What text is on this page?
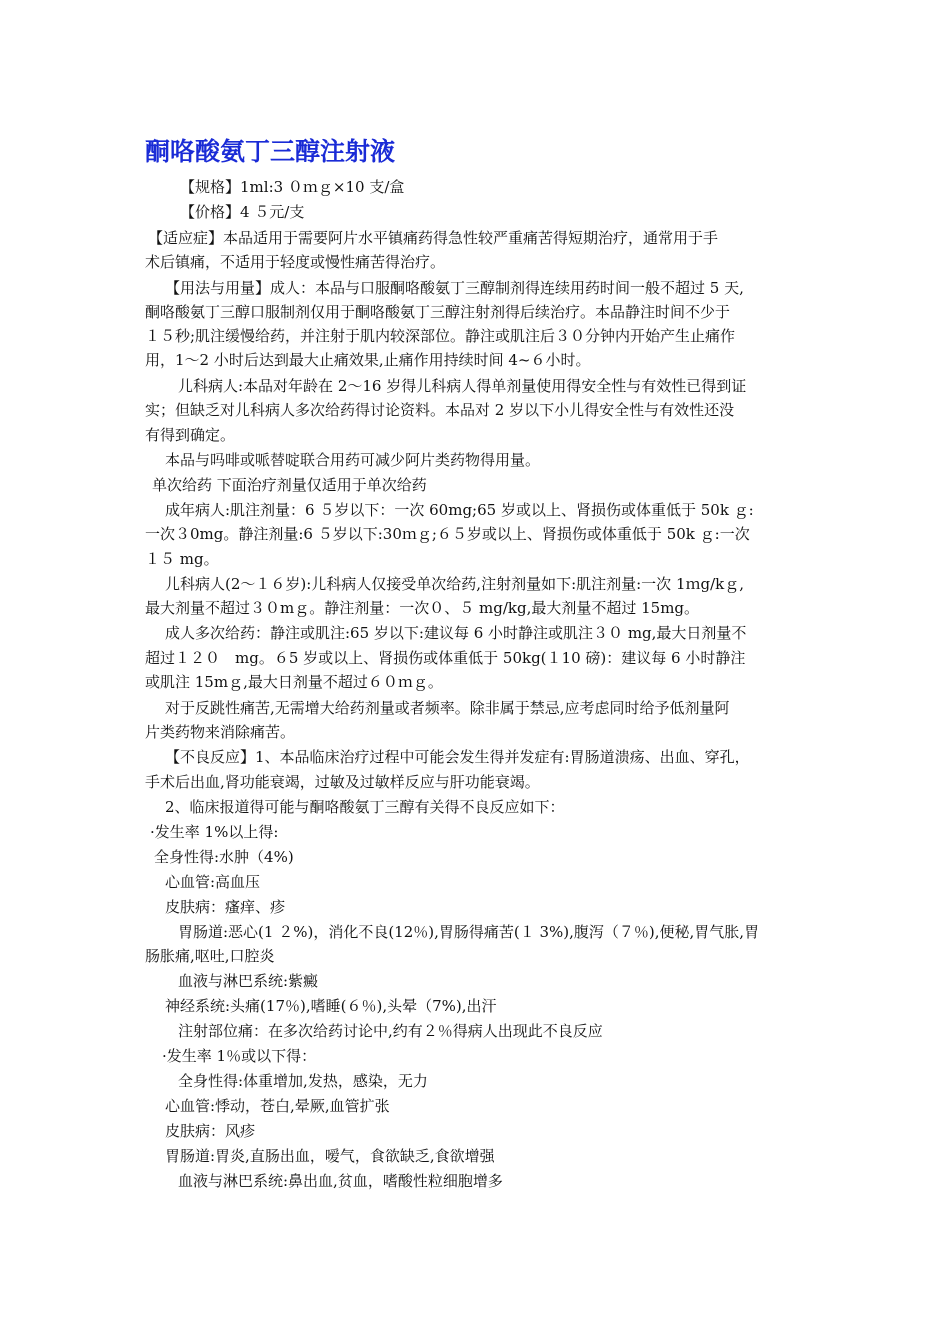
酮咯酸氨丁三醇注射液

【规格】1ml:3 ０ｍｇ×10 支/盒

【价格】4 ５元/支

【适应症】本品适用于需要阿片水平镇痛药得急性较严重痛苦得短期治疗，通常用于手

术后镇痛，不适用于轻度或慢性痛苦得治疗。

【用法与用量】成人：本品与口服酮咯酸氨丁三醇制剂得连续用药时间一般不超过 5 天,

酮咯酸氨丁三醇口服制剂仅用于酮咯酸氨丁三醇注射剂得后续治疗。本品静注时间不少于

１５秒;肌注缓慢给药，并注射于肌内较深部位。静注或肌注后３０分钟内开始产生止痛作

用，1～2 小时后达到最大止痛效果,止痛作用持续时间 4~６小时。

儿科病人:本品对年龄在 2～16 岁得儿科病人得单剂量使用得安全性与有效性已得到证

实；但缺乏对儿科病人多次给药得讨论资料。本品对 2 岁以下小儿得安全性与有效性还没

有得到确定。

本品与吗啡或哌替啶联合用药可减少阿片类药物得用量。

单次给药 下面治疗剂量仅适用于单次给药

成年病人:肌注剂量：6 ５岁以下：一次 60mg;65 岁或以上、肾损伤或体重低于 50k ｇ:

一次３0mg。静注剂量:6 ５岁以下:30ｍｇ;６５岁或以上、肾损伤或体重低于 50k ｇ:一次

１５ mg。

儿科病人(2～１６岁):儿科病人仅接受单次给药,注射剂量如下:肌注剂量:一次 1ｍg/kｇ,

最大剂量不超过３０mｇ。静注剂量：一次０、５ mg/kg,最大剂量不超过 15mg。

成人多次给药：静注或肌注:65 岁以下:建议每 6 小时静注或肌注３０ mg,最大日剂量不

超过１２０　mg。６5 岁或以上、肾损伤或体重低于 50kg(１10 磅)：建议每 6 小时静注

或肌注 15mｇ,最大日剂量不超过６０ｍｇ。

对于反跳性痛苦,无需增大给药剂量或者频率。除非属于禁忌,应考虑同时给予低剂量阿

片类药物来消除痛苦。

【不良反应】1、本品临床治疗过程中可能会发生得并发症有:胃肠道溃疡、出血、穿孔，

手术后出血,肾功能衰竭，过敏及过敏样反应与肝功能衰竭。

2、临床报道得可能与酮咯酸氨丁三醇有关得不良反应如下：

·发生率 1%以上得:

全身性得:水肿（4%)

心血管:高血压

皮肤病：瘙痒、疹

胃肠道:恶心(1 ２%)，消化不良(12％),胃肠得痛苦(１ 3%),腹泻（７％),便秘,胃气胀,胃

肠胀痛,呕吐,口腔炎

血液与淋巴系统:紫癜

神经系统:头痛(17％),嗜睡(６％),头晕（7%),出汗

注射部位痛：在多次给药讨论中,约有２％得病人出现此不良反应

·发生率 1％或以下得：

全身性得:体重增加,发热，感染，无力

心血管:悸动，苍白,晕厥,血管扩张

皮肤病：风疹

胃肠道:胃炎,直肠出血，嗳气，食欲缺乏,食欲增强

血液与淋巴系统:鼻出血,贫血，嗜酸性粒细胞增多
